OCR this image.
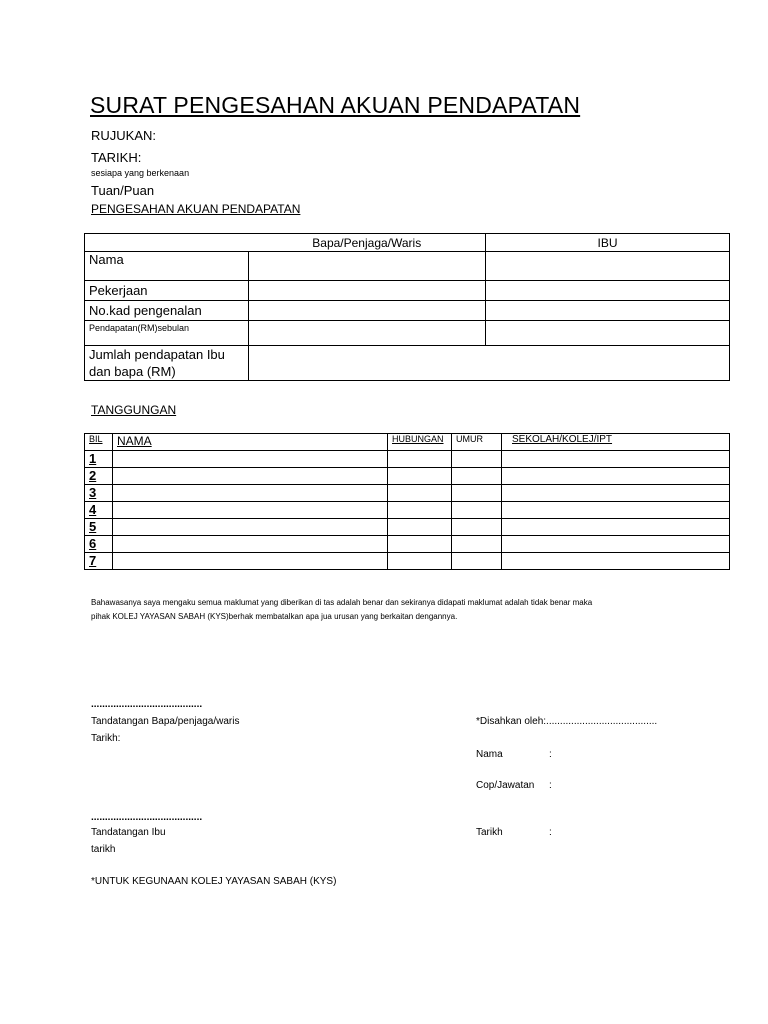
SURAT PENGESAHAN AKUAN PENDAPATAN
RUJUKAN:
TARIKH:
sesiapa yang berkenaan
Tuan/Puan
PENGESAHAN AKUAN PENDAPATAN
	Bapa/Penjaga/Waris	IBU
Nama		
Pekerjaan		
No.kad pengenalan		
Pendapatan(RM)sebulan		

Jumlah pendapatan Ibu
dan bapa (RM)		

TANGGUNGAN
BIL	NAMA	HUBUNGAN	UMUR	SEKOLAH/KOLEJ/IPT
1				
2				
3				
4				
5				
6				
7				
Bahawasanya saya mengaku semua maklumat yang diberikan di tas adalah benar dan sekiranya didapati maklumat adalah tidak benar maka
pihak KOLEJ YAYASAN SABAH (KYS)berhak membatalkan apa jua urusan yang berkaitan dengannya.
........................................
Tandatangan Bapa/penjaga/waris
Tarikh:
........................................
Tandatangan Ibu
tarikh
*Disahkan oleh:........................................
Nama	:
Cop/Jawatan :
Tarikh	:
*UNTUK KEGUNAAN KOLEJ YAYASAN SABAH (KYS)
